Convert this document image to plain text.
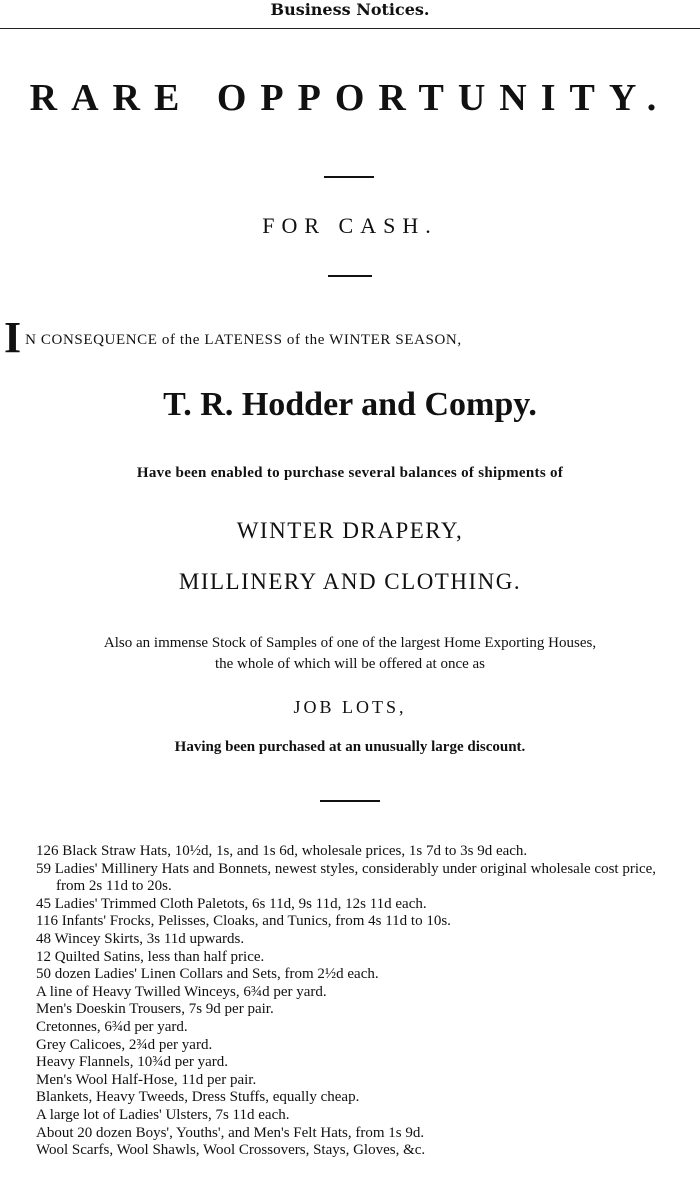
Business Notices.
RARE OPPORTUNITY.
FOR CASH.
I N CONSEQUENCE of the LATENESS of the WINTER SEASON,
T. R. Hodder and Compy.
Have been enabled to purchase several balances of shipments of
WINTER DRAPERY,
MILLINERY AND CLOTHING.
Also an immense Stock of Samples of one of the largest Home Exporting Houses,
the whole of which will be offered at once as
JOB LOTS,
Having been purchased at an unusually large discount.
126 Black Straw Hats, 10½d, 1s, and 1s 6d, wholesale prices, 1s 7d to 3s 9d each.
59 Ladies' Millinery Hats and Bonnets, newest styles, considerably under original wholesale cost price, from 2s 11d to 20s.
45 Ladies' Trimmed Cloth Paletots, 6s 11d, 9s 11d, 12s 11d each.
116 Infants' Frocks, Pelisses, Cloaks, and Tunics, from 4s 11d to 10s.
48 Wincey Skirts, 3s 11d upwards.
12 Quilted Satins, less than half price.
50 dozen Ladies' Linen Collars and Sets, from 2½d each.
A line of Heavy Twilled Winceys, 6¾d per yard.
Men's Doeskin Trousers, 7s 9d per pair.
Cretonnes, 6¾d per yard.
Grey Calicoes, 2¾d per yard.
Heavy Flannels, 10¾d per yard.
Men's Wool Half-Hose, 11d per pair.
Blankets, Heavy Tweeds, Dress Stuffs, equally cheap.
A large lot of Ladies' Ulsters, 7s 11d each.
About 20 dozen Boys', Youths', and Men's Felt Hats, from 1s 9d.
Wool Scarfs, Wool Shawls, Wool Crossovers, Stays, Gloves, &c.
